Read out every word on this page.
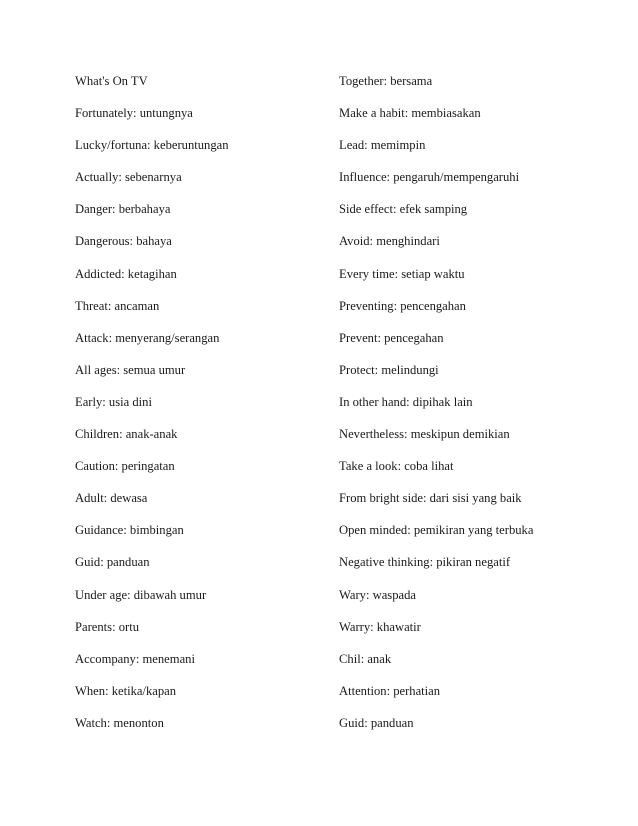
What's On TV
Fortunately: untungnya
Lucky/fortuna: keberuntungan
Actually: sebenarnya
Danger: berbahaya
Dangerous: bahaya
Addicted: ketagihan
Threat: ancaman
Attack: menyerang/serangan
All ages: semua umur
Early: usia dini
Children: anak-anak
Caution: peringatan
Adult: dewasa
Guidance: bimbingan
Guid: panduan
Under age: dibawah umur
Parents: ortu
Accompany: menemani
When: ketika/kapan
Watch: menonton
Together: bersama
Make a habit: membiasakan
Lead: memimpin
Influence: pengaruh/mempengaruhi
Side effect: efek samping
Avoid: menghindari
Every time: setiap waktu
Preventing: pencengahan
Prevent: pencegahan
Protect: melindungi
In other hand: dipihak lain
Nevertheless: meskipun demikian
Take a look: coba lihat
From bright side: dari sisi yang baik
Open minded: pemikiran yang terbuka
Negative thinking: pikiran negatif
Wary: waspada
Warry: khawatir
Chil: anak
Attention: perhatian
Guid: panduan
